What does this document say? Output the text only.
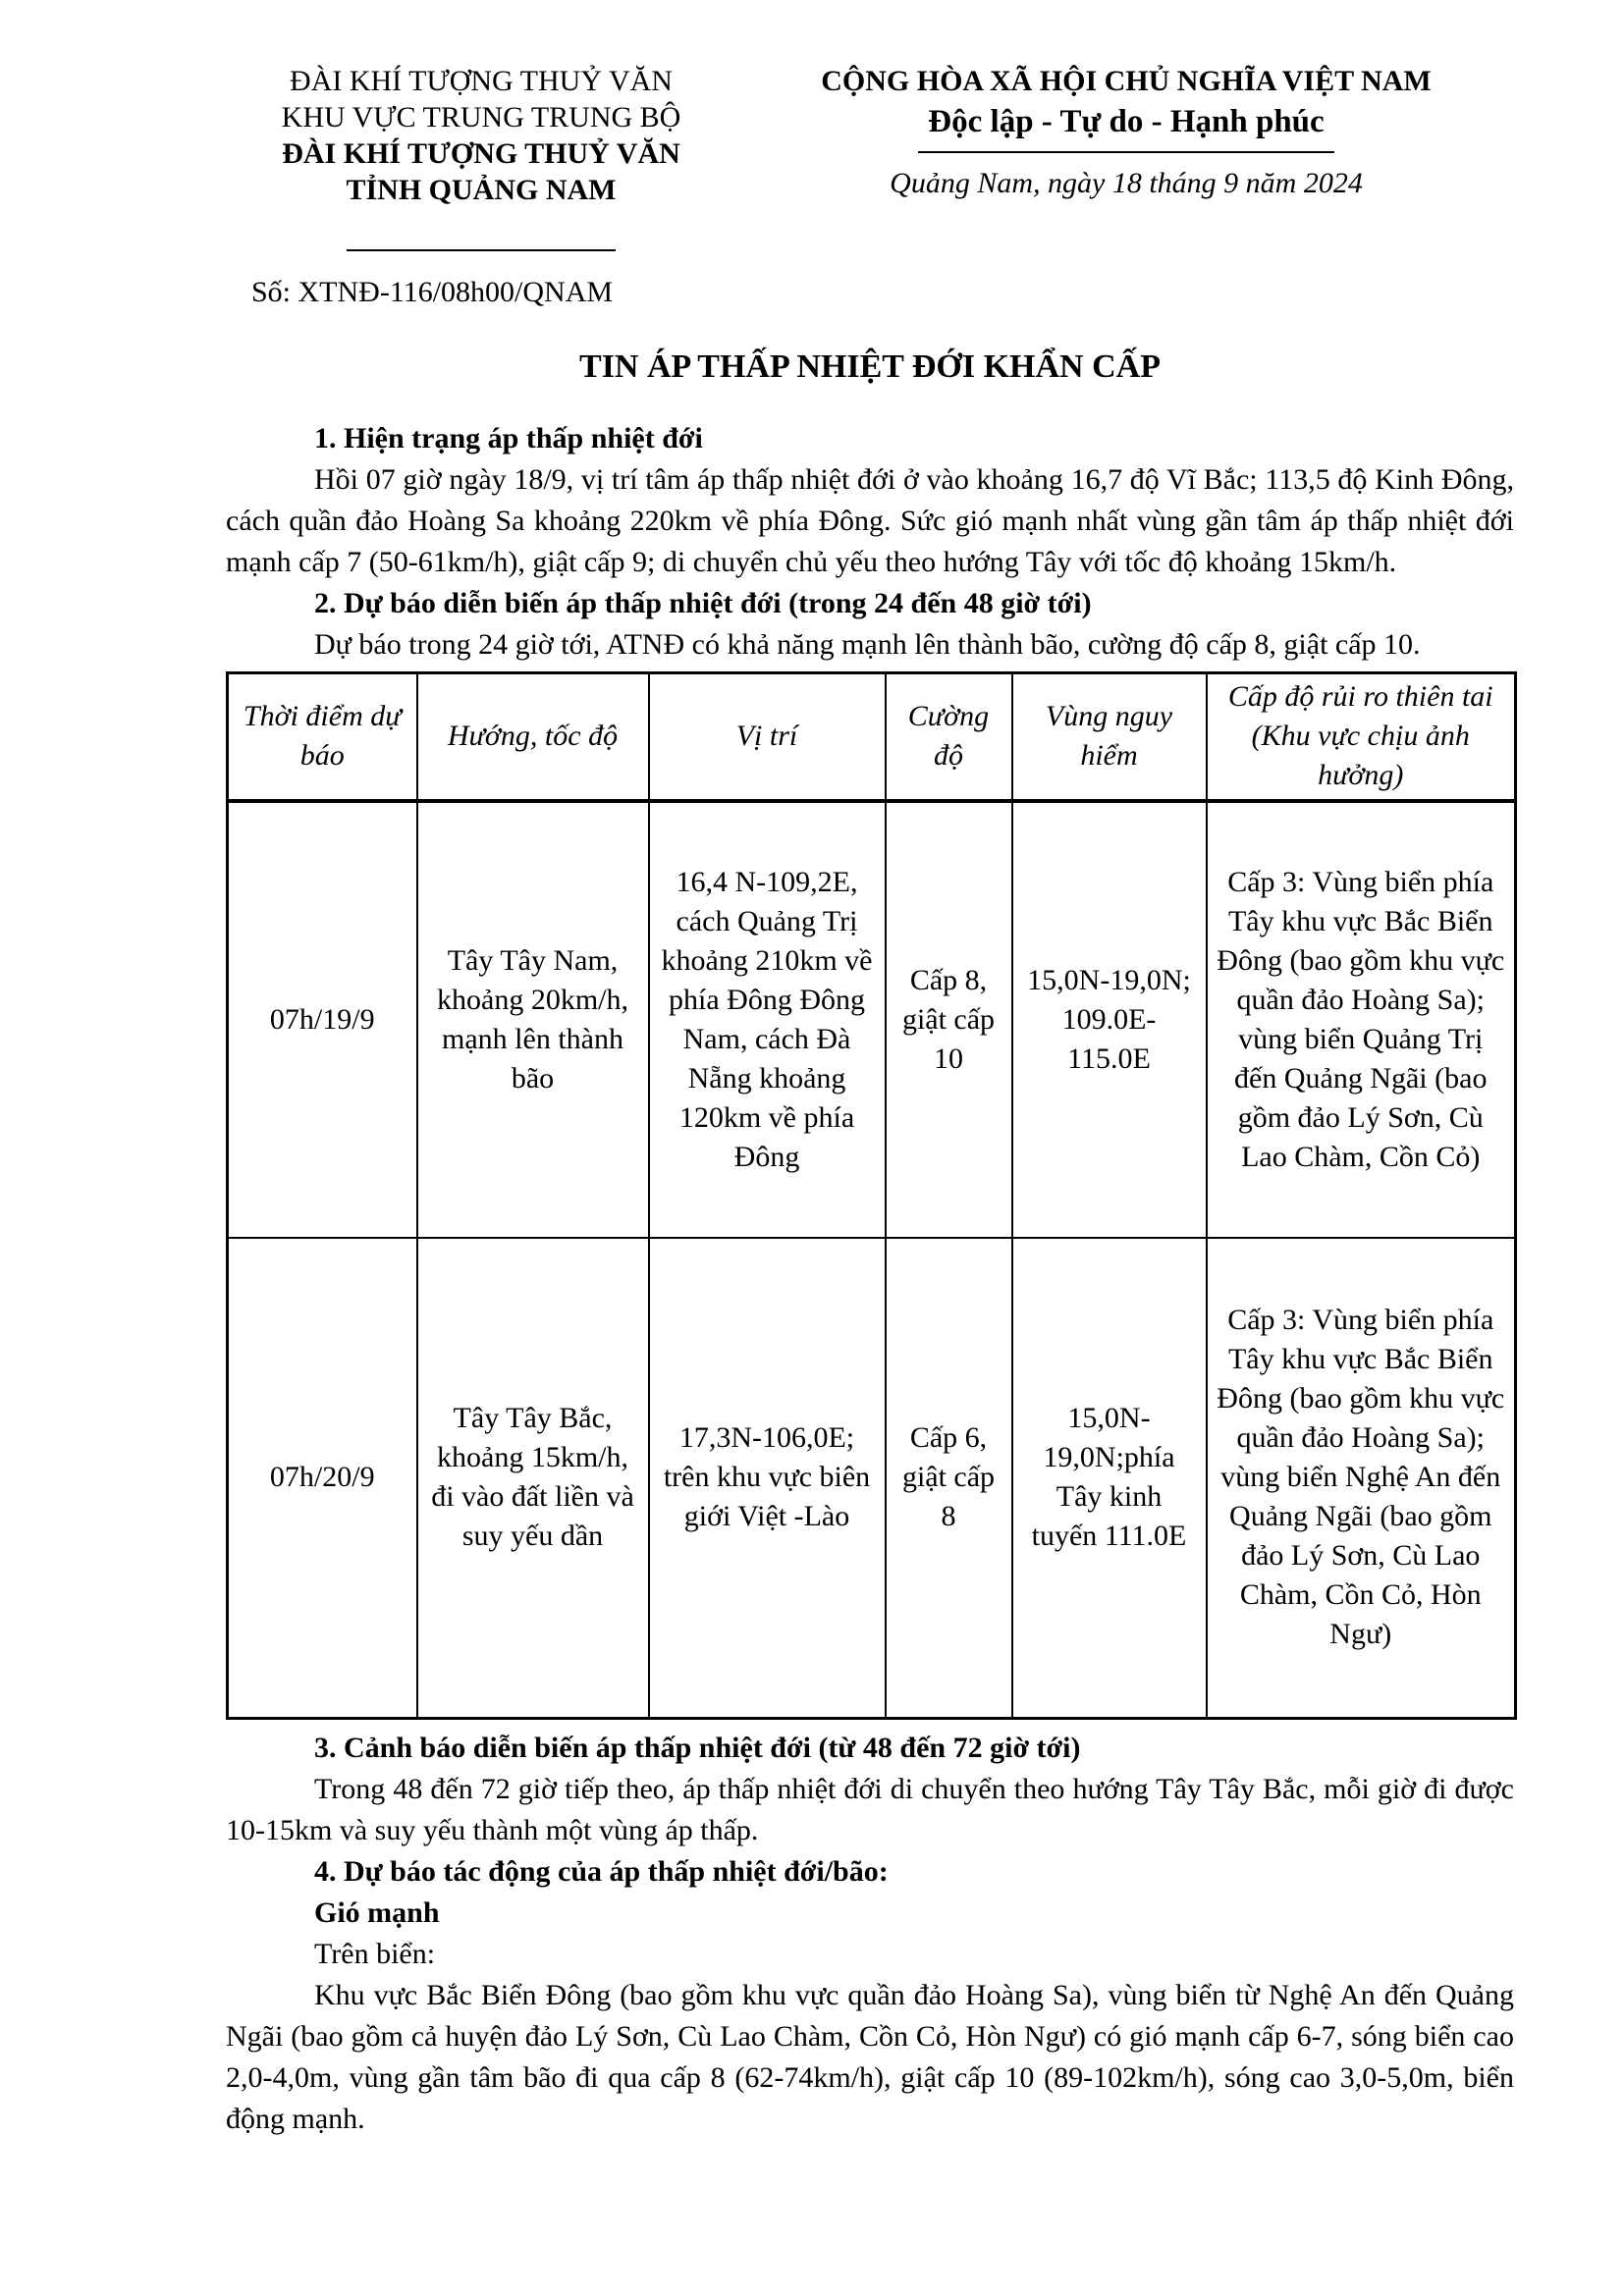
ĐÀI KHÍ TƯỢNG THUỶ VĂN
KHU VỰC TRUNG TRUNG BỘ
ĐÀI KHÍ TƯỢNG THUỶ VĂN
TỈNH QUẢNG NAM
CỘNG HÒA XÃ HỘI CHỦ NGHĨA VIỆT NAM
Độc lập - Tự do - Hạnh phúc
Quảng Nam, ngày 18 tháng 9 năm 2024
Số: XTNĐ-116/08h00/QNAM
TIN ÁP THẤP NHIỆT ĐỚI KHẨN CẤP

1. Hiện trạng áp thấp nhiệt đới

Hồi 07 giờ ngày 18/9, vị trí tâm áp thấp nhiệt đới ở vào khoảng 16,7 độ Vĩ Bắc; 113,5 độ Kinh Đông, cách quần đảo Hoàng Sa khoảng 220km về phía Đông. Sức gió mạnh nhất vùng gần tâm áp thấp nhiệt đới mạnh cấp 7 (50-61km/h), giật cấp 9; di chuyển chủ yếu theo hướng Tây với tốc độ khoảng 15km/h.

2. Dự báo diễn biến áp thấp nhiệt đới (trong 24 đến 48 giờ tới)

Dự báo trong 24 giờ tới, ATNĐ có khả năng mạnh lên thành bão, cường độ cấp 8, giật cấp 10.

Thời điểm dự báo	Hướng, tốc độ	Vị trí	Cường độ	Vùng nguy hiểm	Cấp độ rủi ro thiên tai (Khu vực chịu ảnh hưởng)
07h/19/9	Tây Tây Nam, khoảng 20km/h, mạnh lên thành bão	16,4 N-109,2E, cách Quảng Trị khoảng 210km về phía Đông Đông Nam, cách Đà Nẵng khoảng 120km về phía Đông	Cấp 8, giật cấp 10	15,0N-19,0N; 109.0E-115.0E	Cấp 3: Vùng biển phía Tây khu vực Bắc Biển Đông (bao gồm khu vực quần đảo Hoàng Sa); vùng biển Quảng Trị đến Quảng Ngãi (bao gồm đảo Lý Sơn, Cù Lao Chàm, Cồn Cỏ)
07h/20/9	Tây Tây Bắc, khoảng 15km/h, đi vào đất liền và suy yếu dần	17,3N-106,0E; trên khu vực biên giới Việt -Lào	Cấp 6, giật cấp 8	15,0N-19,0N;phía Tây kinh tuyến 111.0E	Cấp 3: Vùng biển phía Tây khu vực Bắc Biển Đông (bao gồm khu vực quần đảo Hoàng Sa); vùng biển Nghệ An đến Quảng Ngãi (bao gồm đảo Lý Sơn, Cù Lao Chàm, Cồn Cỏ, Hòn Ngư)

3. Cảnh báo diễn biến áp thấp nhiệt đới (từ 48 đến 72 giờ tới)

Trong 48 đến 72 giờ tiếp theo, áp thấp nhiệt đới di chuyển theo hướng Tây Tây Bắc, mỗi giờ đi được 10-15km và suy yếu thành một vùng áp thấp.

4. Dự báo tác động của áp thấp nhiệt đới/bão:

Gió mạnh

Trên biển:

Khu vực Bắc Biển Đông (bao gồm khu vực quần đảo Hoàng Sa), vùng biển từ Nghệ An đến Quảng Ngãi (bao gồm cả huyện đảo Lý Sơn, Cù Lao Chàm, Cồn Cỏ, Hòn Ngư) có gió mạnh cấp 6-7, sóng biển cao 2,0-4,0m, vùng gần tâm bão đi qua cấp 8 (62-74km/h), giật cấp 10 (89-102km/h), sóng cao 3,0-5,0m, biển động mạnh.
